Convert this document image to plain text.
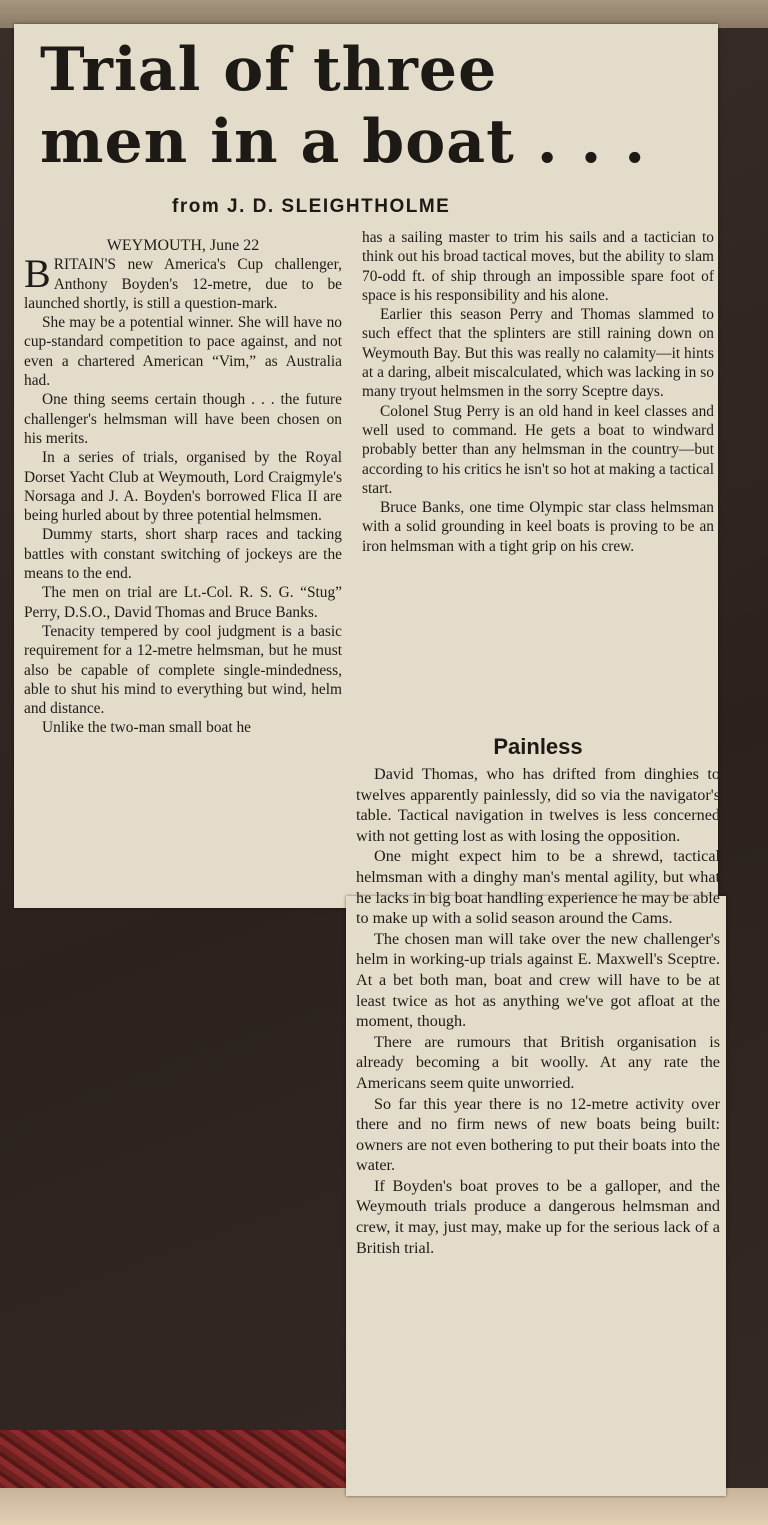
Trial of three
men in a boat . . .
from J. D. SLEIGHTHOLME

WEYMOUTH, June 22

BRITAIN'S new America's Cup challenger, Anthony Boyden's 12-metre, due to be launched shortly, is still a question-mark.

She may be a potential winner. She will have no cup-standard competition to pace against, and not even a chartered American “Vim,” as Australia had.

One thing seems certain though . . . the future challenger's helmsman will have been chosen on his merits.

In a series of trials, organised by the Royal Dorset Yacht Club at Weymouth, Lord Craigmyle's Norsaga and J. A. Boyden's borrowed Flica II are being hurled about by three potential helmsmen.

Dummy starts, short sharp races and tacking battles with constant switching of jockeys are the means to the end.

The men on trial are Lt.-Col. R. S. G. “Stug” Perry, D.S.O., David Thomas and Bruce Banks.

Tenacity tempered by cool judgment is a basic requirement for a 12-metre helmsman, but he must also be capable of complete single-mindedness, able to shut his mind to everything but wind, helm and distance.

Unlike the two-man small boat he

has a sailing master to trim his sails and a tactician to think out his broad tactical moves, but the ability to slam 70-odd ft. of ship through an impossible spare foot of space is his responsibility and his alone.

Earlier this season Perry and Thomas slammed to such effect that the splinters are still raining down on Weymouth Bay. But this was really no calamity—it hints at a daring, albeit miscalculated, which was lacking in so many tryout helmsmen in the sorry Sceptre days.

Colonel Stug Perry is an old hand in keel classes and well used to command. He gets a boat to windward probably better than any helmsman in the country—but according to his critics he isn't so hot at making a tactical start.

Bruce Banks, one time Olympic star class helmsman with a solid grounding in keel boats is proving to be an iron helmsman with a tight grip on his crew.

Painless

David Thomas, who has drifted from dinghies to twelves apparently painlessly, did so via the navigator's table. Tactical navigation in twelves is less concerned with not getting lost as with losing the opposition.

One might expect him to be a shrewd, tactical helmsman with a dinghy man's mental agility, but what he lacks in big boat handling experience he may be able to make up with a solid season around the Cams.

The chosen man will take over the new challenger's helm in working-up trials against E. Maxwell's Sceptre. At a bet both man, boat and crew will have to be at least twice as hot as anything we've got afloat at the moment, though.

There are rumours that British organisation is already becoming a bit woolly. At any rate the Americans seem quite unworried.

So far this year there is no 12-metre activity over there and no firm news of new boats being built: owners are not even bothering to put their boats into the water.

If Boyden's boat proves to be a galloper, and the Weymouth trials produce a dangerous helmsman and crew, it may, just may, make up for the serious lack of a British trial.
